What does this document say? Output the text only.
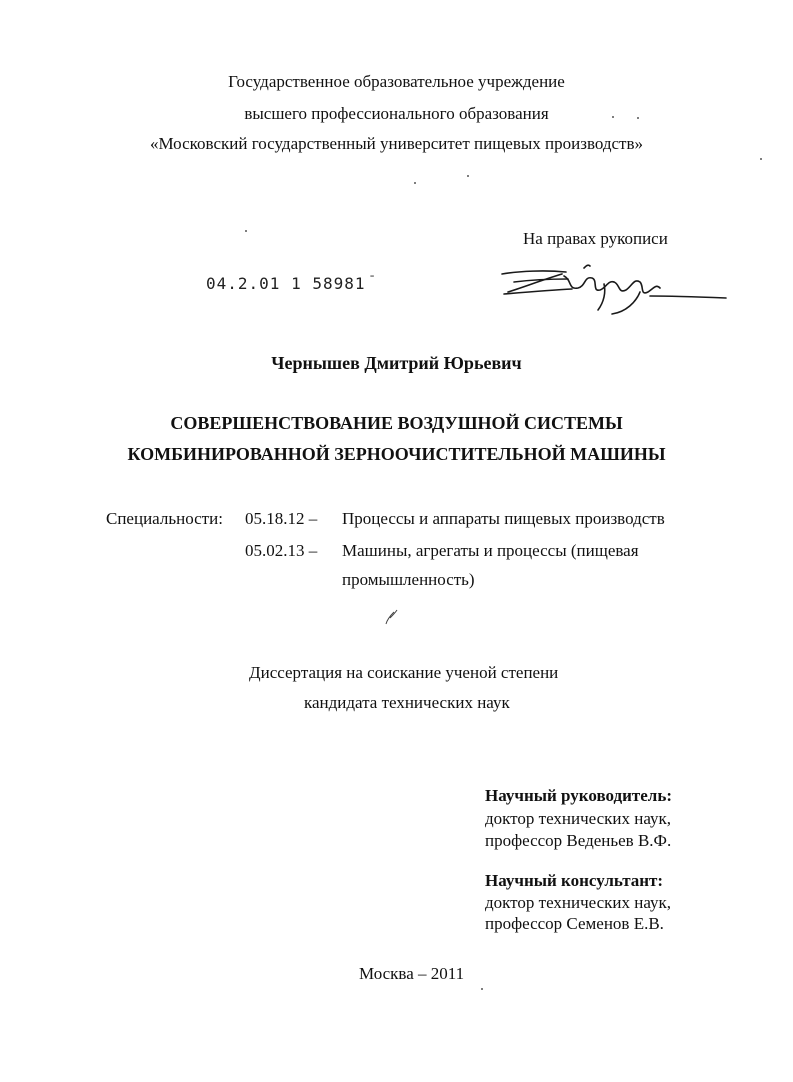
Государственное образовательное учреждение
высшего профессионального образования
«Московский государственный университет пищевых производств»
На правах рукописи
04.2.01 1 58981 ¯
Чернышев Дмитрий Юрьевич
СОВЕРШЕНСТВОВАНИЕ ВОЗДУШНОЙ СИСТЕМЫ
КОМБИНИРОВАННОЙ ЗЕРНООЧИСТИТЕЛЬНОЙ МАШИНЫ
Специальности: 05.18.12 – Процессы и аппараты пищевых производств
05.02.13 – Машины, агрегаты и процессы (пищевая
промышленность)
Диссертация на соискание ученой степени
кандидата технических наук
Научный руководитель:
доктор технических наук,
профессор Веденьев В.Ф.
Научный консультант:
доктор технических наук,
профессор Семенов Е.В.
Москва – 2011
